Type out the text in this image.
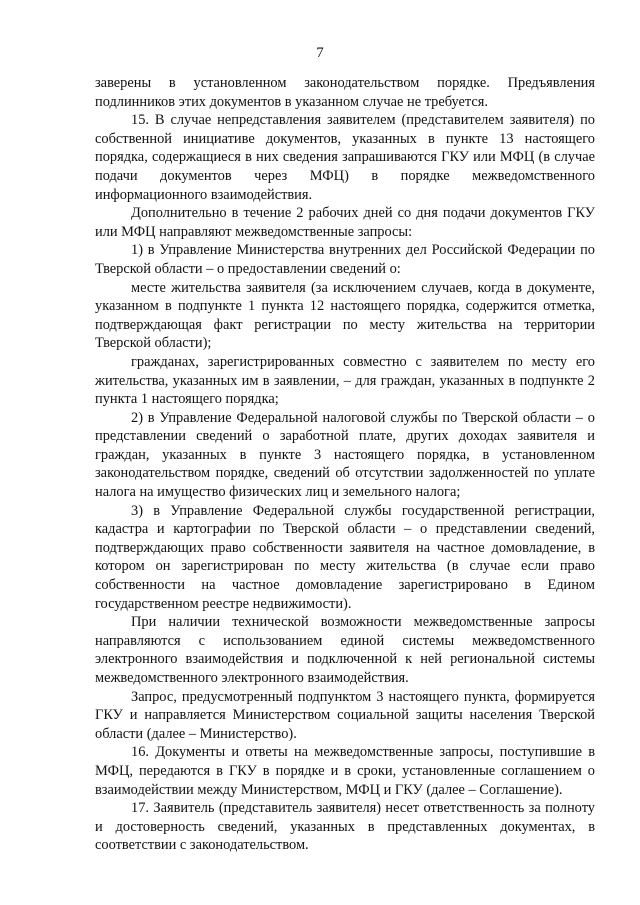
7

заверены в установленном законодательством порядке. Предъявления подлинников этих документов в указанном случае не требуется.

15. В случае непредставления заявителем (представителем заявителя) по собственной инициативе документов, указанных в пункте 13 настоящего порядка, содержащиеся в них сведения запрашиваются ГКУ или МФЦ (в случае подачи документов через МФЦ) в порядке межведомственного информационного взаимодействия.

Дополнительно в течение 2 рабочих дней со дня подачи документов ГКУ или МФЦ направляют межведомственные запросы:

1) в Управление Министерства внутренних дел Российской Федерации по Тверской области – о предоставлении сведений о:

месте жительства заявителя (за исключением случаев, когда в документе, указанном в подпункте 1 пункта 12 настоящего порядка, содержится отметка, подтверждающая факт регистрации по месту жительства на территории Тверской области);

гражданах, зарегистрированных совместно с заявителем по месту его жительства, указанных им в заявлении, – для граждан, указанных в подпункте 2 пункта 1 настоящего порядка;

2) в Управление Федеральной налоговой службы по Тверской области – о представлении сведений о заработной плате, других доходах заявителя и граждан, указанных в пункте 3 настоящего порядка, в установленном законодательством порядке, сведений об отсутствии задолженностей по уплате налога на имущество физических лиц и земельного налога;

3) в Управление Федеральной службы государственной регистрации, кадастра и картографии по Тверской области – о представлении сведений, подтверждающих право собственности заявителя на частное домовладение, в котором он зарегистрирован по месту жительства (в случае если право собственности на частное домовладение зарегистрировано в Едином государственном реестре недвижимости).

При наличии технической возможности межведомственные запросы направляются с использованием единой системы межведомственного электронного взаимодействия и подключенной к ней региональной системы межведомственного электронного взаимодействия.

Запрос, предусмотренный подпунктом 3 настоящего пункта, формируется ГКУ и направляется Министерством социальной защиты населения Тверской области (далее – Министерство).

16. Документы и ответы на межведомственные запросы, поступившие в МФЦ, передаются в ГКУ в порядке и в сроки, установленные соглашением о взаимодействии между Министерством, МФЦ и ГКУ (далее – Соглашение).

17. Заявитель (представитель заявителя) несет ответственность за полноту и достоверность сведений, указанных в представленных документах, в соответствии с законодательством.
